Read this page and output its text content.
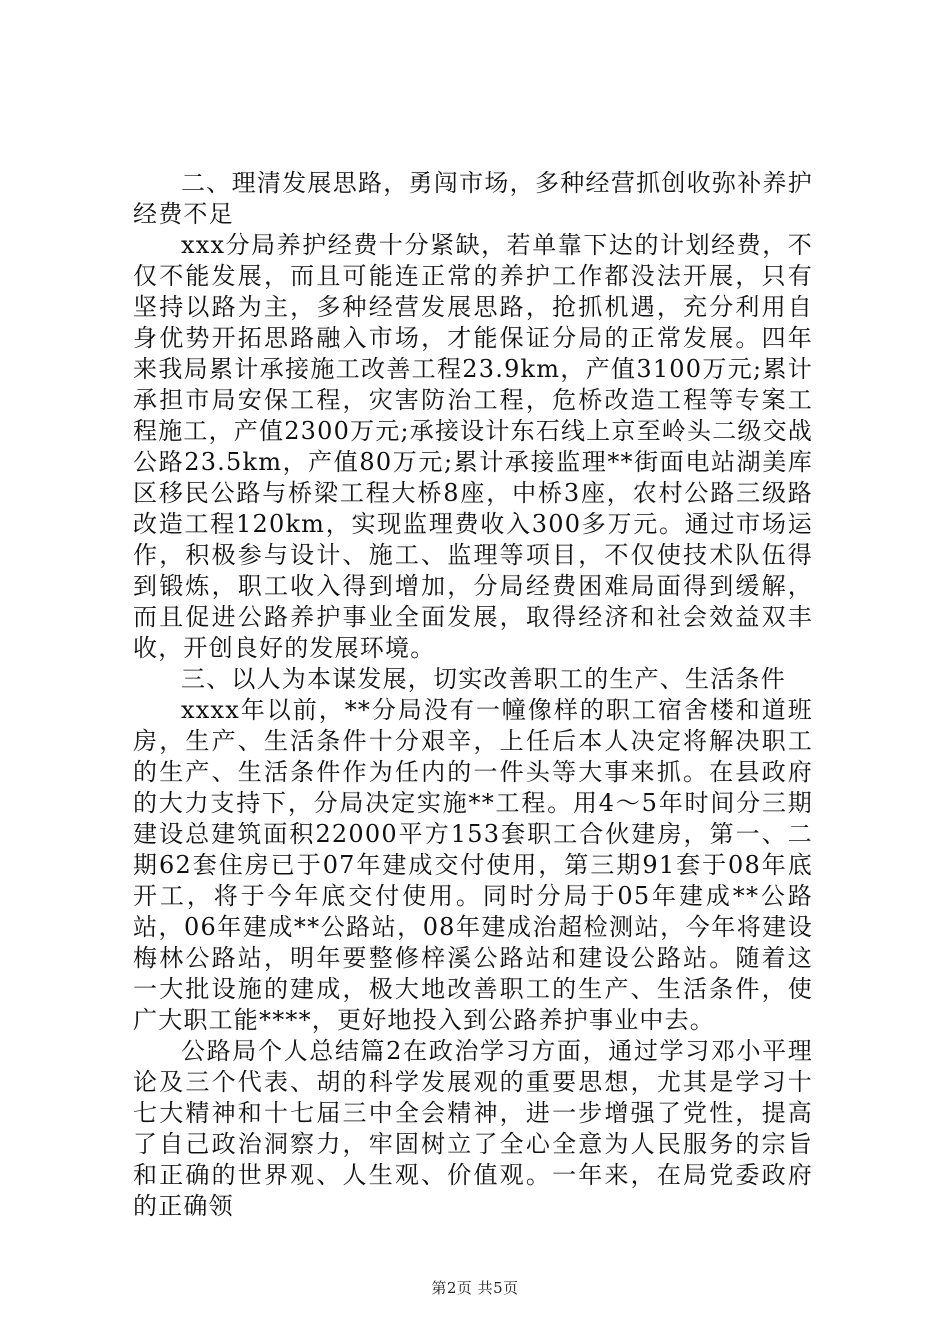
二、理清发展思路，勇闯市场，多种经营抓创收弥补养护经费不足

xxx分局养护经费十分紧缺，若单靠下达的计划经费，不仅不能发展，而且可能连正常的养护工作都没法开展，只有坚持以路为主，多种经营发展思路，抢抓机遇，充分利用自身优势开拓思路融入市场，才能保证分局的正常发展。四年来我局累计承接施工改善工程23.9km，产值3100万元;累计承担市局安保工程，灾害防治工程，危桥改造工程等专案工程施工，产值2300万元;承接设计东石线上京至岭头二级交战公路23.5km，产值80万元;累计承接监理**街面电站湖美库区移民公路与桥梁工程大桥8座，中桥3座，农村公路三级路改造工程120km，实现监理费收入300多万元。通过市场运作，积极参与设计、施工、监理等项目，不仅使技术队伍得到锻炼，职工收入得到增加，分局经费困难局面得到缓解，而且促进公路养护事业全面发展，取得经济和社会效益双丰收，开创良好的发展环境。

三、以人为本谋发展，切实改善职工的生产、生活条件

xxxx年以前，**分局没有一幢像样的职工宿舍楼和道班房，生产、生活条件十分艰辛，上任后本人决定将解决职工的生产、生活条件作为任内的一件头等大事来抓。在县政府的大力支持下，分局决定实施**工程。用4～5年时间分三期建设总建筑面积22000平方153套职工合伙建房，第一、二期62套住房已于07年建成交付使用，第三期91套于08年底开工，将于今年底交付使用。同时分局于05年建成**公路站，06年建成**公路站，08年建成治超检测站，今年将建设梅林公路站，明年要整修梓溪公路站和建设公路站。随着这一大批设施的建成，极大地改善职工的生产、生活条件，使广大职工能****，更好地投入到公路养护事业中去。

公路局个人总结篇2在政治学习方面，通过学习邓小平理论及三个代表、胡的科学发展观的重要思想，尤其是学习十七大精神和十七届三中全会精神，进一步增强了党性，提高了自己政治洞察力，牢固树立了全心全意为人民服务的宗旨和正确的世界观、人生观、价值观。一年来，在局党委政府的正确领

第2页 共5页
